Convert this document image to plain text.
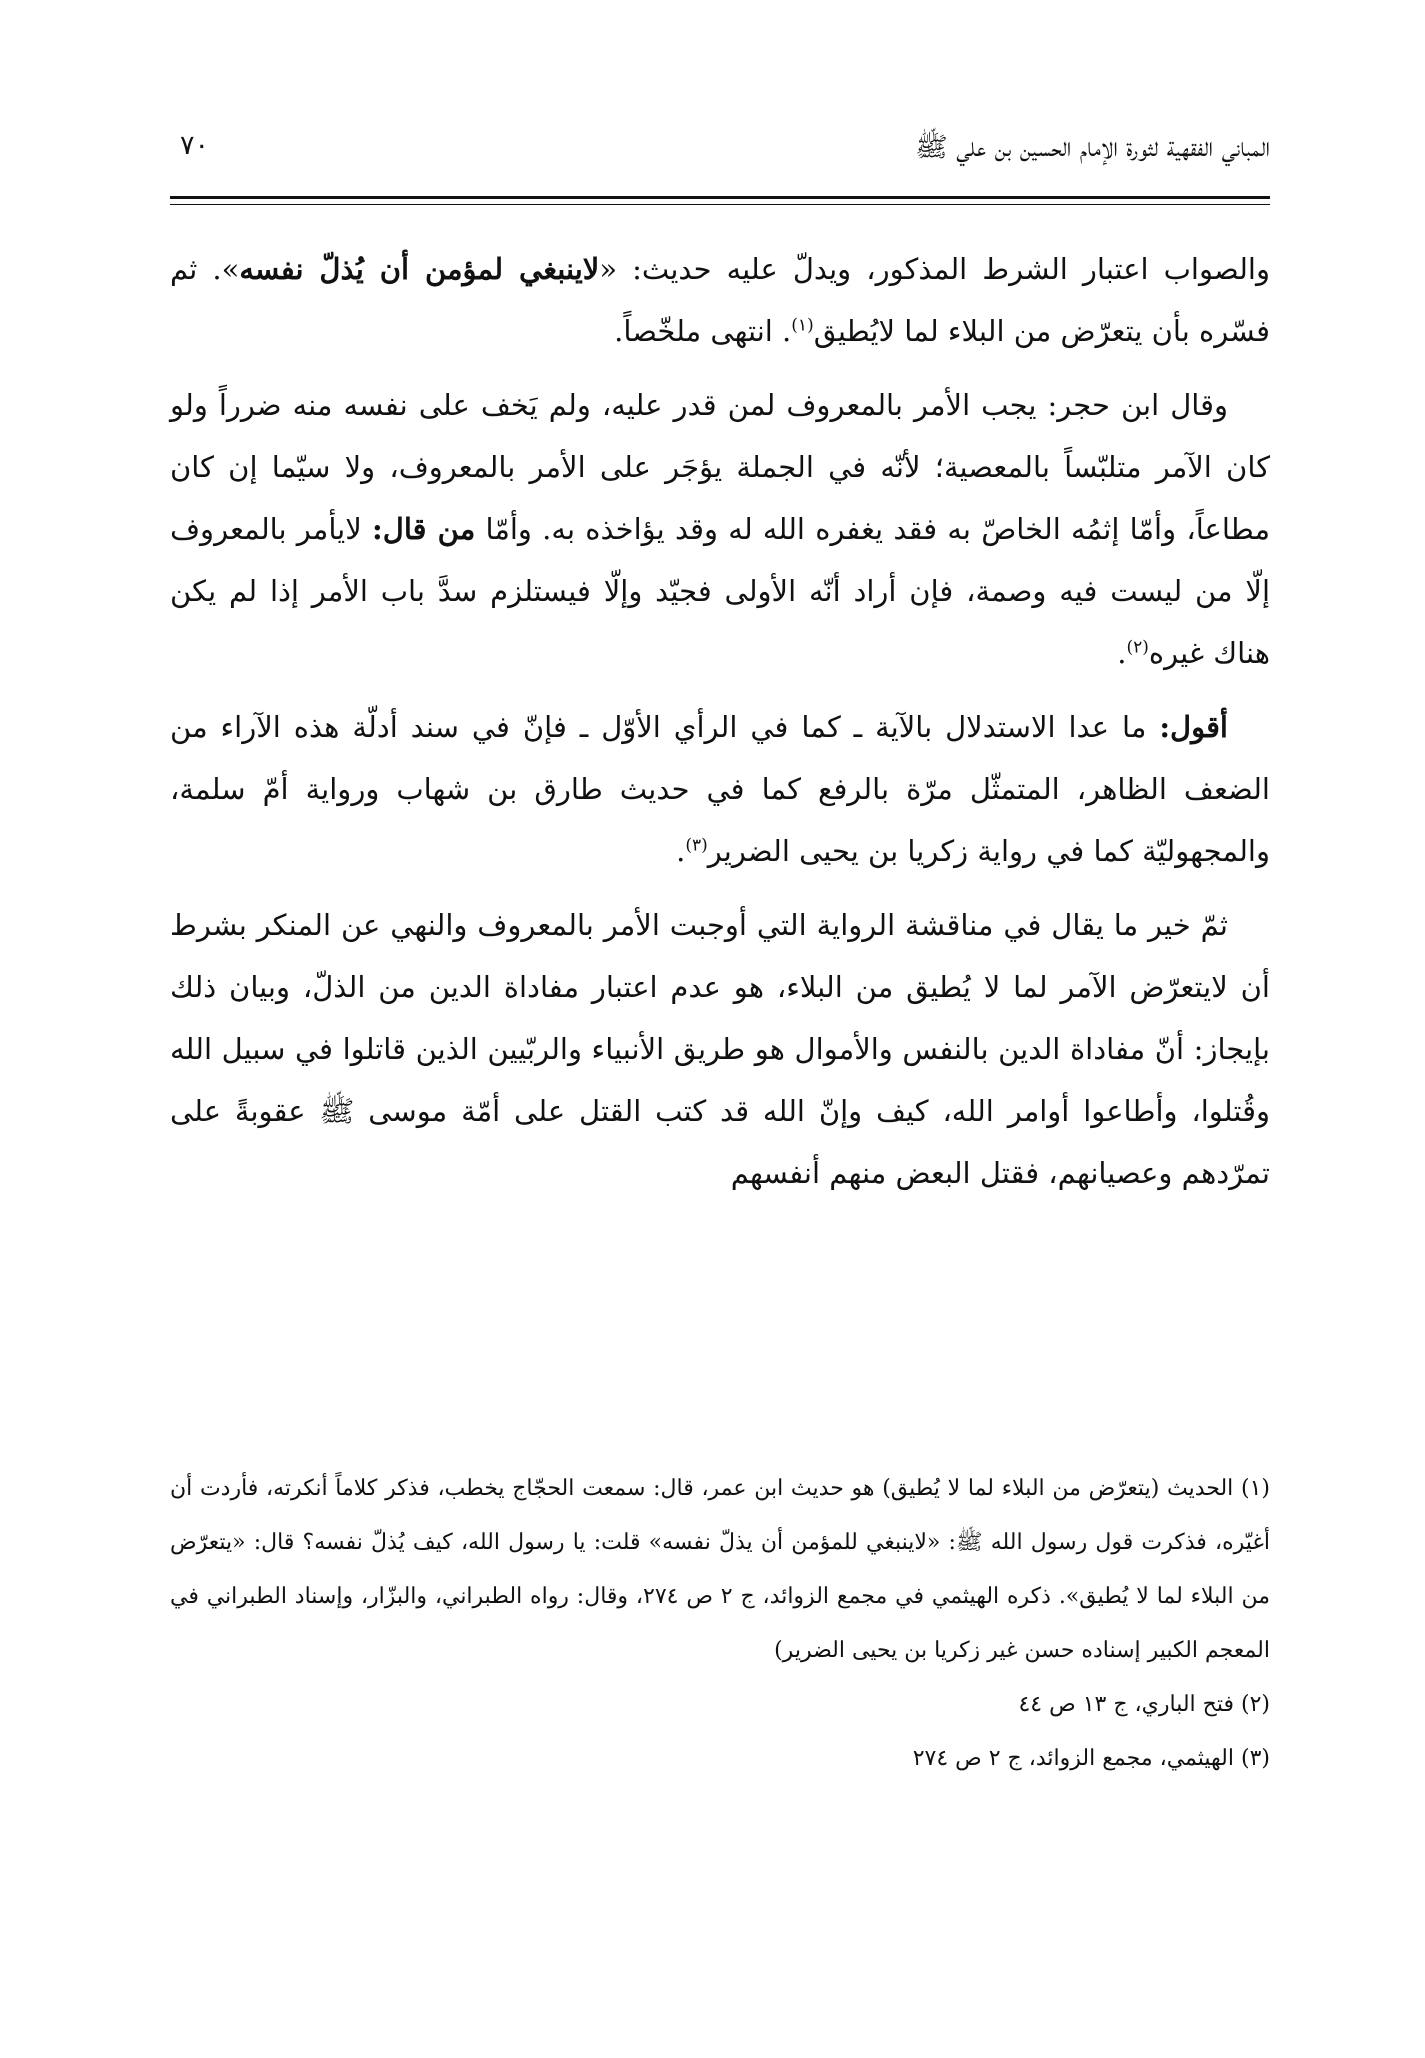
المباني الفقهية لثورة الإمام الحسين بن علي ﷺ
٧٠

والصواب اعتبار الشرط المذكور، ويدلّ عليه حديث: «لاينبغي لمؤمن أن يُذلّ نفسه». ثم فسّره بأن يتعرّض من البلاء لما لايُطيق$^{(١)}$. انتهى ملخّصاً.

وقال ابن حجر: يجب الأمر بالمعروف لمن قدر عليه، ولم يَخف على نفسه منه ضرراً ولو كان الآمر متلبّساً بالمعصية؛ لأنّه في الجملة يؤجَر على الأمر بالمعروف، ولا سيّما إن كان مطاعاً، وأمّا إثمُه الخاصّ به فقد يغفره الله له وقد يؤاخذه به. وأمّا من قال: لايأمر بالمعروف إلّا من ليست فيه وصمة، فإن أراد أنّه الأولى فجيّد وإلّا فيستلزم سدَّ باب الأمر إذا لم يكن هناك غيره$^{(٢)}$.

أقول: ما عدا الاستدلال بالآية ـ كما في الرأي الأوّل ـ فإنّ في سند أدلّة هذه الآراء من الضعف الظاهر، المتمثّل مرّة بالرفع كما في حديث طارق بن شهاب ورواية أمّ سلمة، والمجهوليّة كما في رواية زكريا بن يحيى الضرير$^{(٣)}$.

ثمّ خير ما يقال في مناقشة الرواية التي أوجبت الأمر بالمعروف والنهي عن المنكر بشرط أن لايتعرّض الآمر لما لا يُطيق من البلاء، هو عدم اعتبار مفاداة الدين من الذلّ، وبيان ذلك بإيجاز: أنّ مفاداة الدين بالنفس والأموال هو طريق الأنبياء والربّيين الذين قاتلوا في سبيل الله وقُتلوا، وأطاعوا أوامر الله، كيف وإنّ الله قد كتب القتل على أمّة موسى ﷺ عقوبةً على تمرّدهم وعصيانهم، فقتل البعض منهم أنفسهم

(١) الحديث (يتعرّض من البلاء لما لا يُطيق) هو حديث ابن عمر، قال: سمعت الحجّاج يخطب، فذكر كلاماً أنكرته، فأردت أن أغيّره، فذكرت قول رسول الله ﷺ: «لاينبغي للمؤمن أن يذلّ نفسه» قلت: يا رسول الله، كيف يُذلّ نفسه؟ قال: «يتعرّض من البلاء لما لا يُطيق». ذكره الهيثمي في مجمع الزوائد، ج ٢ ص ٢٧٤، وقال: رواه الطبراني، والبزّار، وإسناد الطبراني في المعجم الكبير إسناده حسن غير زكريا بن يحيى الضرير)

(٢) فتح الباري، ج ١٣ ص ٤٤

(٣) الهيثمي، مجمع الزوائد، ج ٢ ص ٢٧٤
